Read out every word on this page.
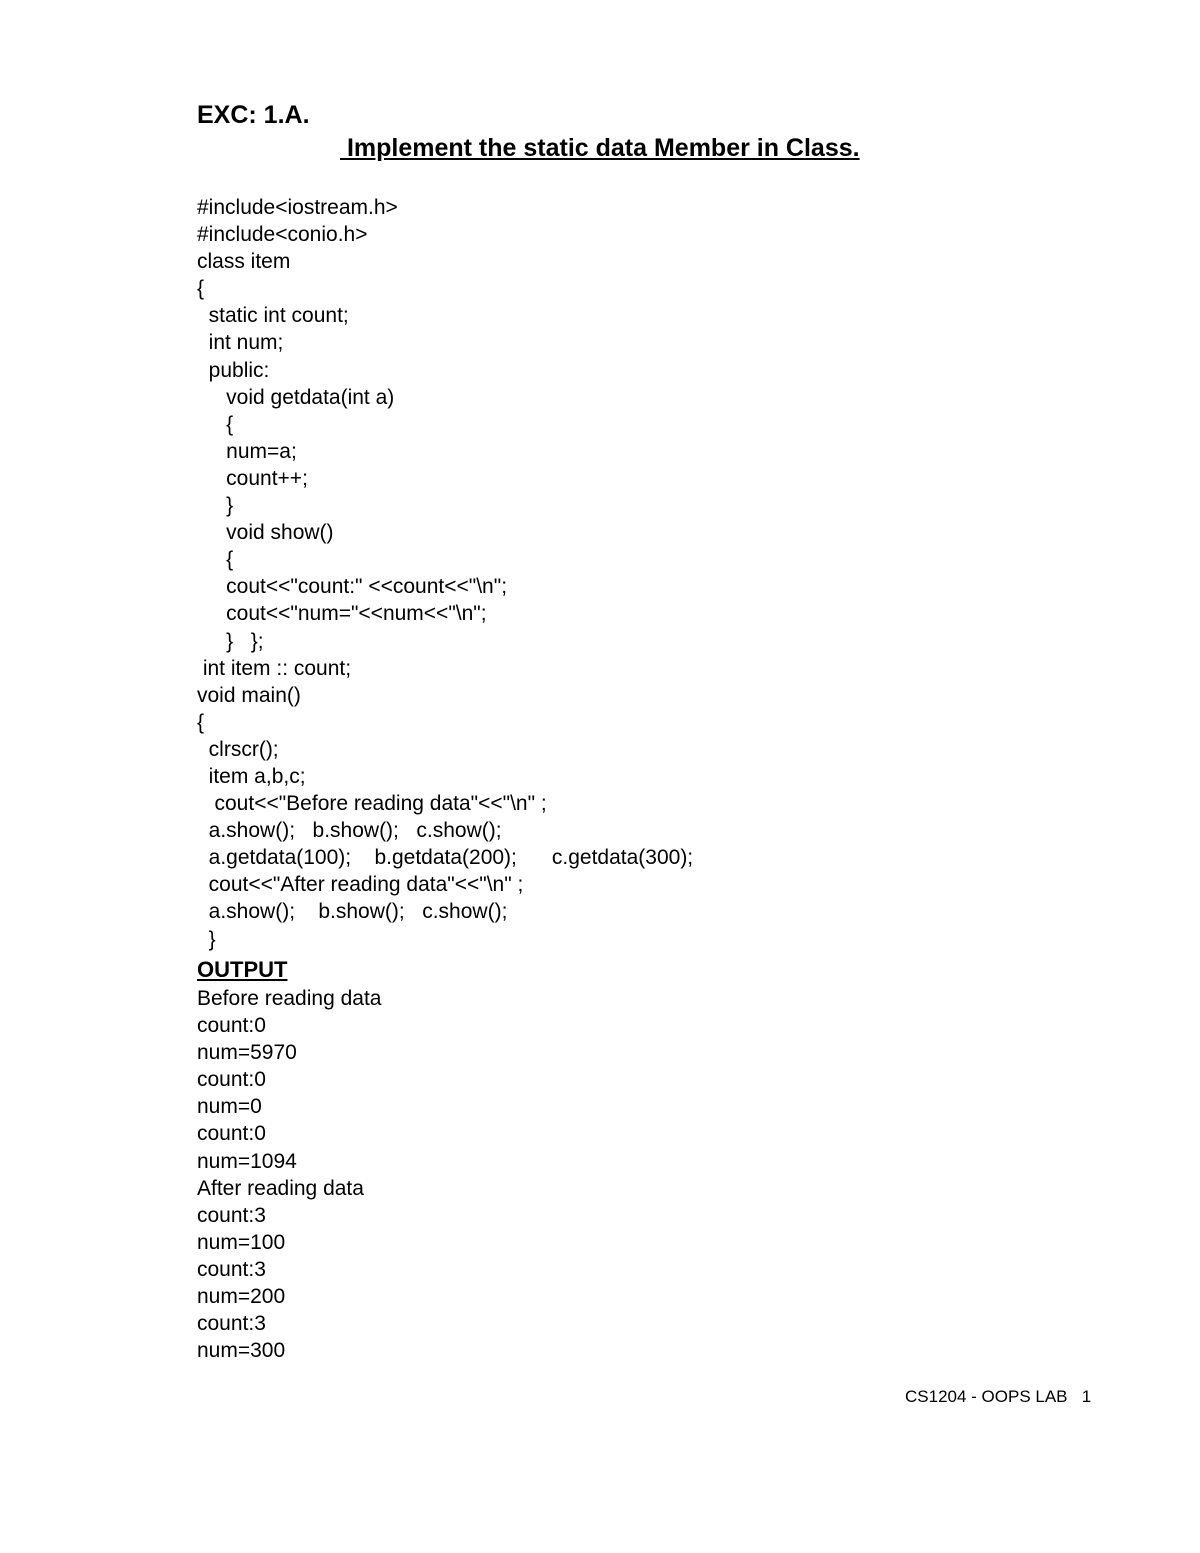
EXC: 1.A.
Implement the static data Member in Class.
#include<iostream.h>
#include<conio.h>
class item
{
static int count;
int num;
public:
void getdata(int a)
{
num=a;
count++;
}
void show()
{
cout<<"count:" <<count<<"\n";
cout<<"num="<<num<<"\n";
}   };
int item :: count;
void main()
{
clrscr();
item a,b,c;
cout<<"Before reading data"<<"\n" ;
a.show();   b.show();   c.show();
a.getdata(100);    b.getdata(200);      c.getdata(300);
cout<<"After reading data"<<"\n" ;
a.show();    b.show();   c.show();
}
OUTPUT
Before reading data
count:0
num=5970
count:0
num=0
count:0
num=1094
After reading data
count:3
num=100
count:3
num=200
count:3
num=300
CS1204 - OOPS LAB   1
